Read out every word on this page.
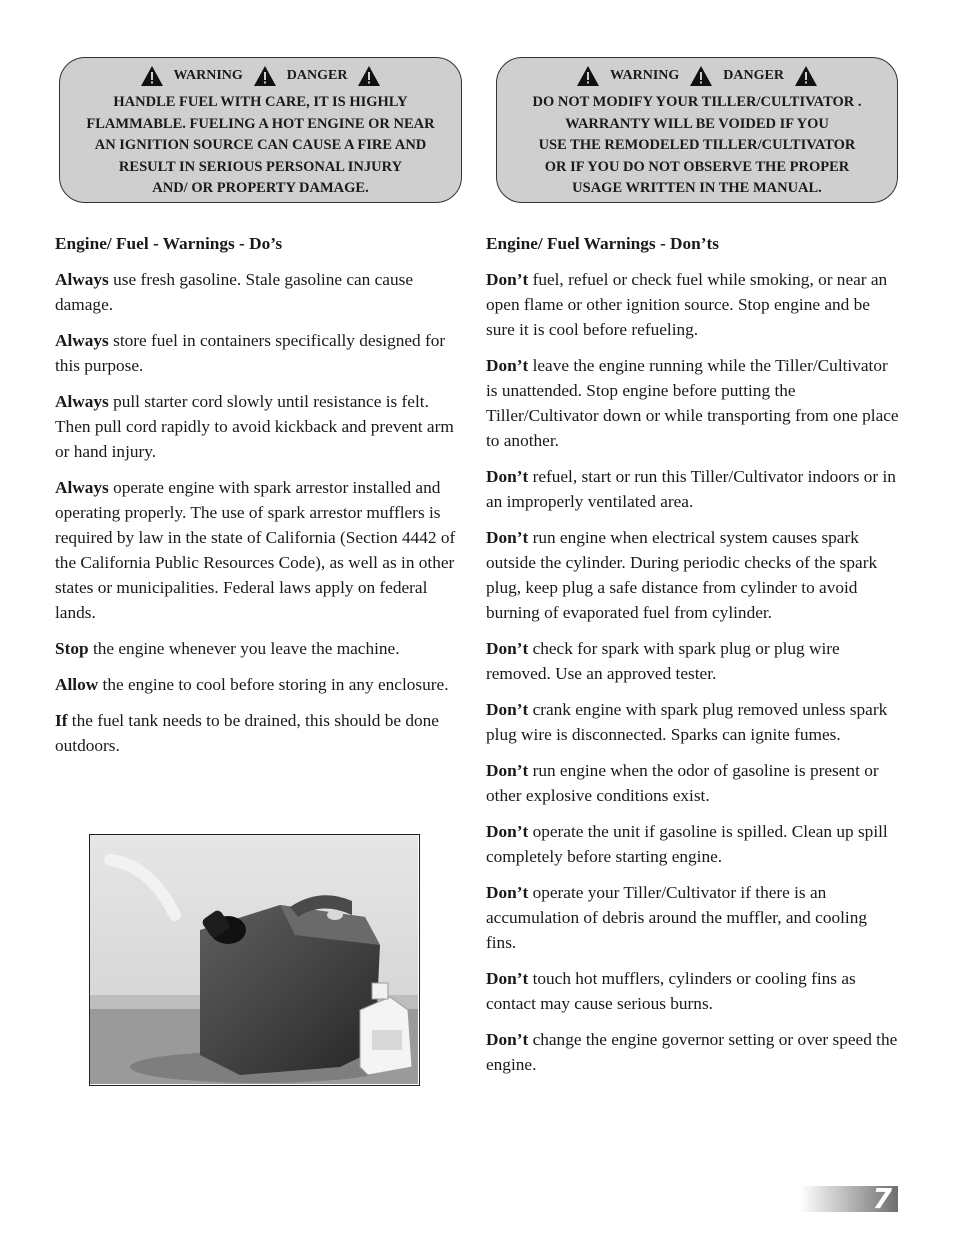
WARNING	DANGER
HANDLE FUEL WITH CARE, IT IS HIGHLY
FLAMMABLE. FUELING A HOT ENGINE OR NEAR
AN IGNITION SOURCE CAN CAUSE A FIRE AND
RESULT IN SERIOUS PERSONAL INJURY
AND/ OR PROPERTY DAMAGE.
WARNING	DANGER
DO NOT MODIFY YOUR TILLER/CULTIVATOR .
WARRANTY WILL BE VOIDED IF YOU
USE THE REMODELED TILLER/CULTIVATOR
OR IF YOU DO NOT OBSERVE THE PROPER
USAGE WRITTEN IN THE MANUAL.
Engine/ Fuel - Warnings - Do’s

Always use fresh gasoline. Stale gasoline can cause damage.

Always store fuel in containers specifically designed for this purpose.

Always pull starter cord slowly until resistance is felt. Then pull cord rapidly to avoid kickback and prevent arm or hand injury.

Always operate engine with spark arrestor installed and operating properly. The use of spark arrestor mufflers is required by law in the state of California (Section 4442 of the California Public Resources Code), as well as in other states or municipalities. Federal laws apply on federal lands.

Stop the engine whenever you leave the machine.

Allow the engine to cool before storing in any enclosure.

If the fuel tank needs to be drained, this should be done outdoors.

Engine/ Fuel Warnings - Don’ts

Don’t fuel, refuel or check fuel while smoking, or near an open flame or other ignition source. Stop engine and be sure it is cool before refueling.

Don’t leave the engine running while the Tiller/Cultivator is unattended. Stop engine before putting the Tiller/Cultivator down or while transporting from one place to another.

Don’t refuel, start or run this Tiller/Cultivator indoors or in an improperly ventilated area.

Don’t run engine when electrical system causes spark outside the cylinder. During periodic checks of the spark plug, keep plug a safe distance from cylinder to avoid burning of evaporated fuel from cylinder.

Don’t check for spark with spark plug or plug wire removed. Use an approved tester.

Don’t crank engine with spark plug removed unless spark plug wire is disconnected. Sparks can ignite fumes.

Don’t run engine when the odor of gasoline is present or other explosive conditions exist.

Don’t operate the unit if gasoline is spilled. Clean up spill completely before starting engine.

Don’t operate your Tiller/Cultivator if there is an accumulation of debris around the muffler, and cooling fins.

Don’t touch hot mufflers, cylinders or cooling fins as contact may cause serious burns.

Don’t change the engine governor setting or over speed the engine.

7
